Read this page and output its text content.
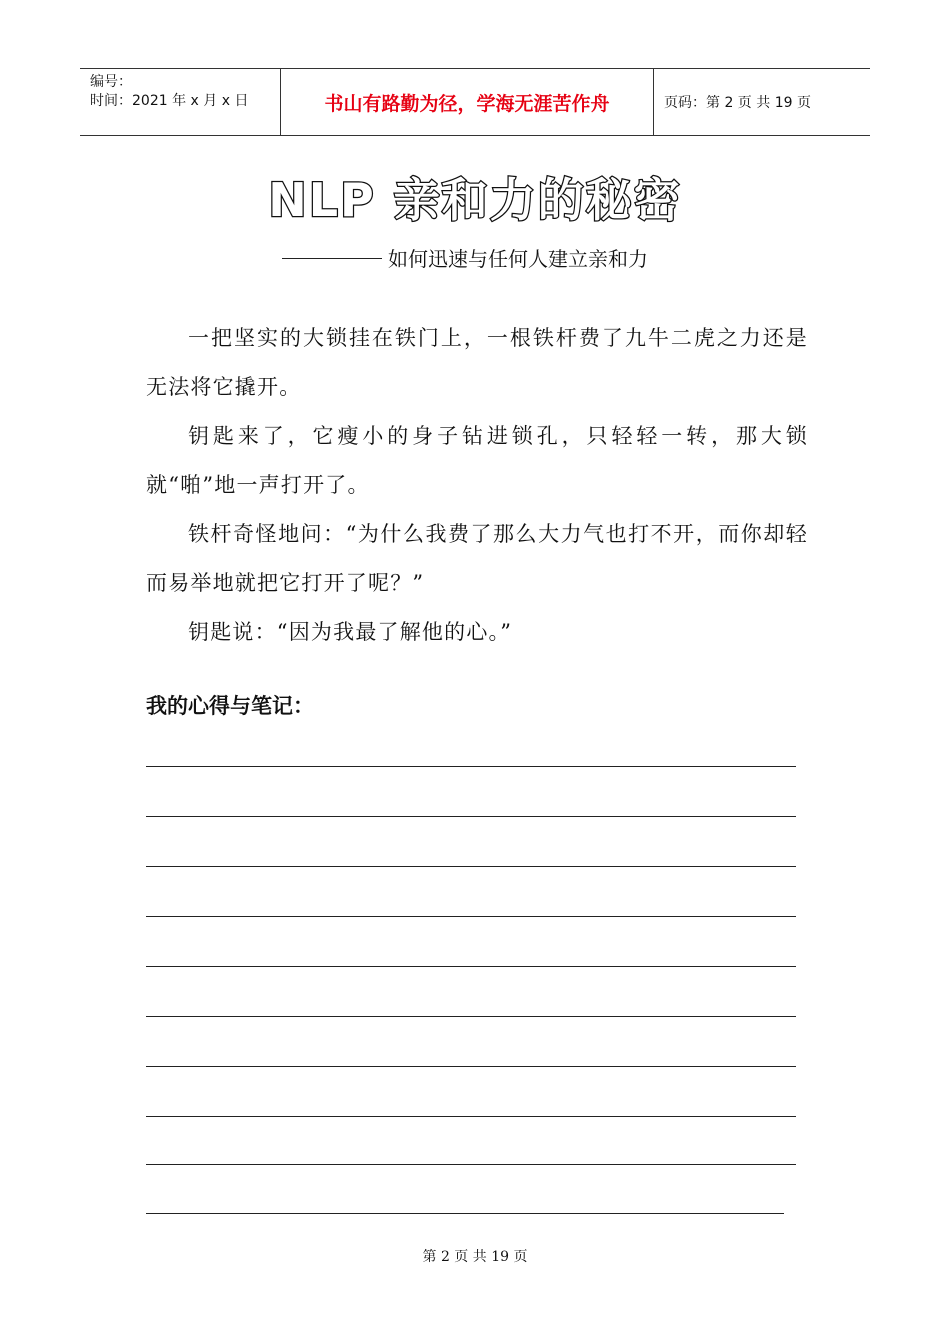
编号：
时间：2021 年 x 月 x 日	书山有路勤为径，学海无涯苦作舟	页码：第 2 页 共 19 页
NLP 亲和力的秘密
如何迅速与任何人建立亲和力

一把坚实的大锁挂在铁门上，一根铁杆费了九牛二虎之力还是无法将它撬开。

钥匙来了，它瘦小的身子钻进锁孔，只轻轻一转，那大锁就“啪”地一声打开了。

铁杆奇怪地问：“为什么我费了那么大力气也打不开，而你却轻而易举地就把它打开了呢？”

钥匙说：“因为我最了解他的心。”

我的心得与笔记：
第 2 页 共 19 页
